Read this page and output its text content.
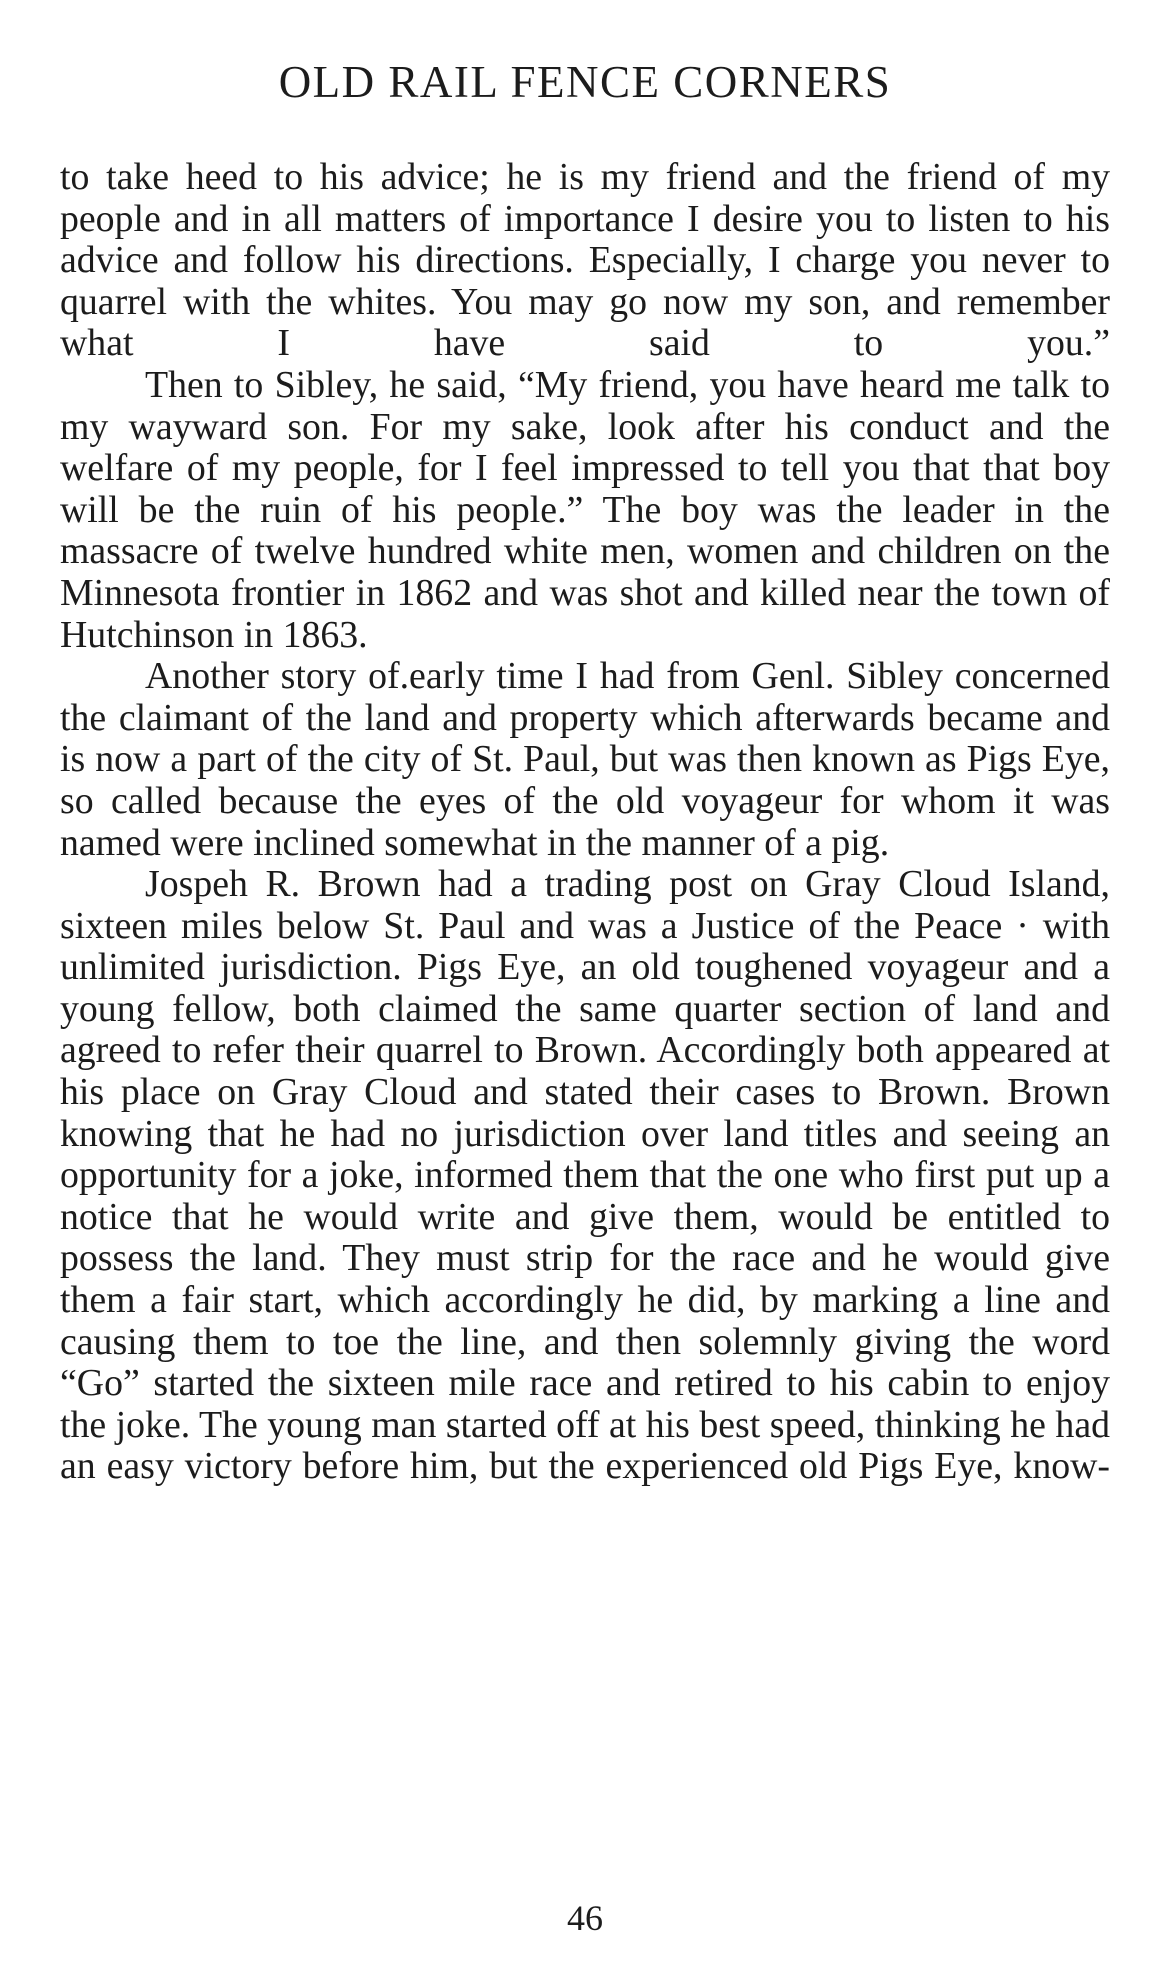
OLD RAIL FENCE CORNERS

to take heed to his advice; he is my friend and the friend of my people and in all matters of importance I desire you to listen to his advice and follow his directions. Especially, I charge you never to quarrel with the whites. You may go now my son, and remember what I have said to you.”

Then to Sibley, he said, “My friend, you have heard me talk to my wayward son. For my sake, look after his conduct and the welfare of my people, for I feel impressed to tell you that that boy will be the ruin of his people.” The boy was the leader in the massacre of twelve hundred white men, women and children on the Minnesota frontier in 1862 and was shot and killed near the town of Hutchinson in 1863.

Another story of.early time I had from Genl. Sibley concerned the claimant of the land and property which afterwards became and is now a part of the city of St. Paul, but was then known as Pigs Eye, so called because the eyes of the old voyageur for whom it was named were inclined somewhat in the manner of a pig.

Jospeh R. Brown had a trading post on Gray Cloud Island, sixteen miles below St. Paul and was a Justice of the Peace · with unlimited jurisdiction. Pigs Eye, an old toughened voyageur and a young fellow, both claimed the same quarter section of land and agreed to refer their quarrel to Brown. Accordingly both appeared at his place on Gray Cloud and stated their cases to Brown. Brown knowing that he had no jurisdiction over land titles and seeing an opportunity for a joke, informed them that the one who first put up a notice that he would write and give them, would be entitled to possess the land. They must strip for the race and he would give them a fair start, which accordingly he did, by marking a line and causing them to toe the line, and then solemnly giving the word “Go” started the sixteen mile race and retired to his cabin to enjoy the joke. The young man started off at his best speed, thinking he had an easy victory before him, but the experienced old Pigs Eye, know-

46
